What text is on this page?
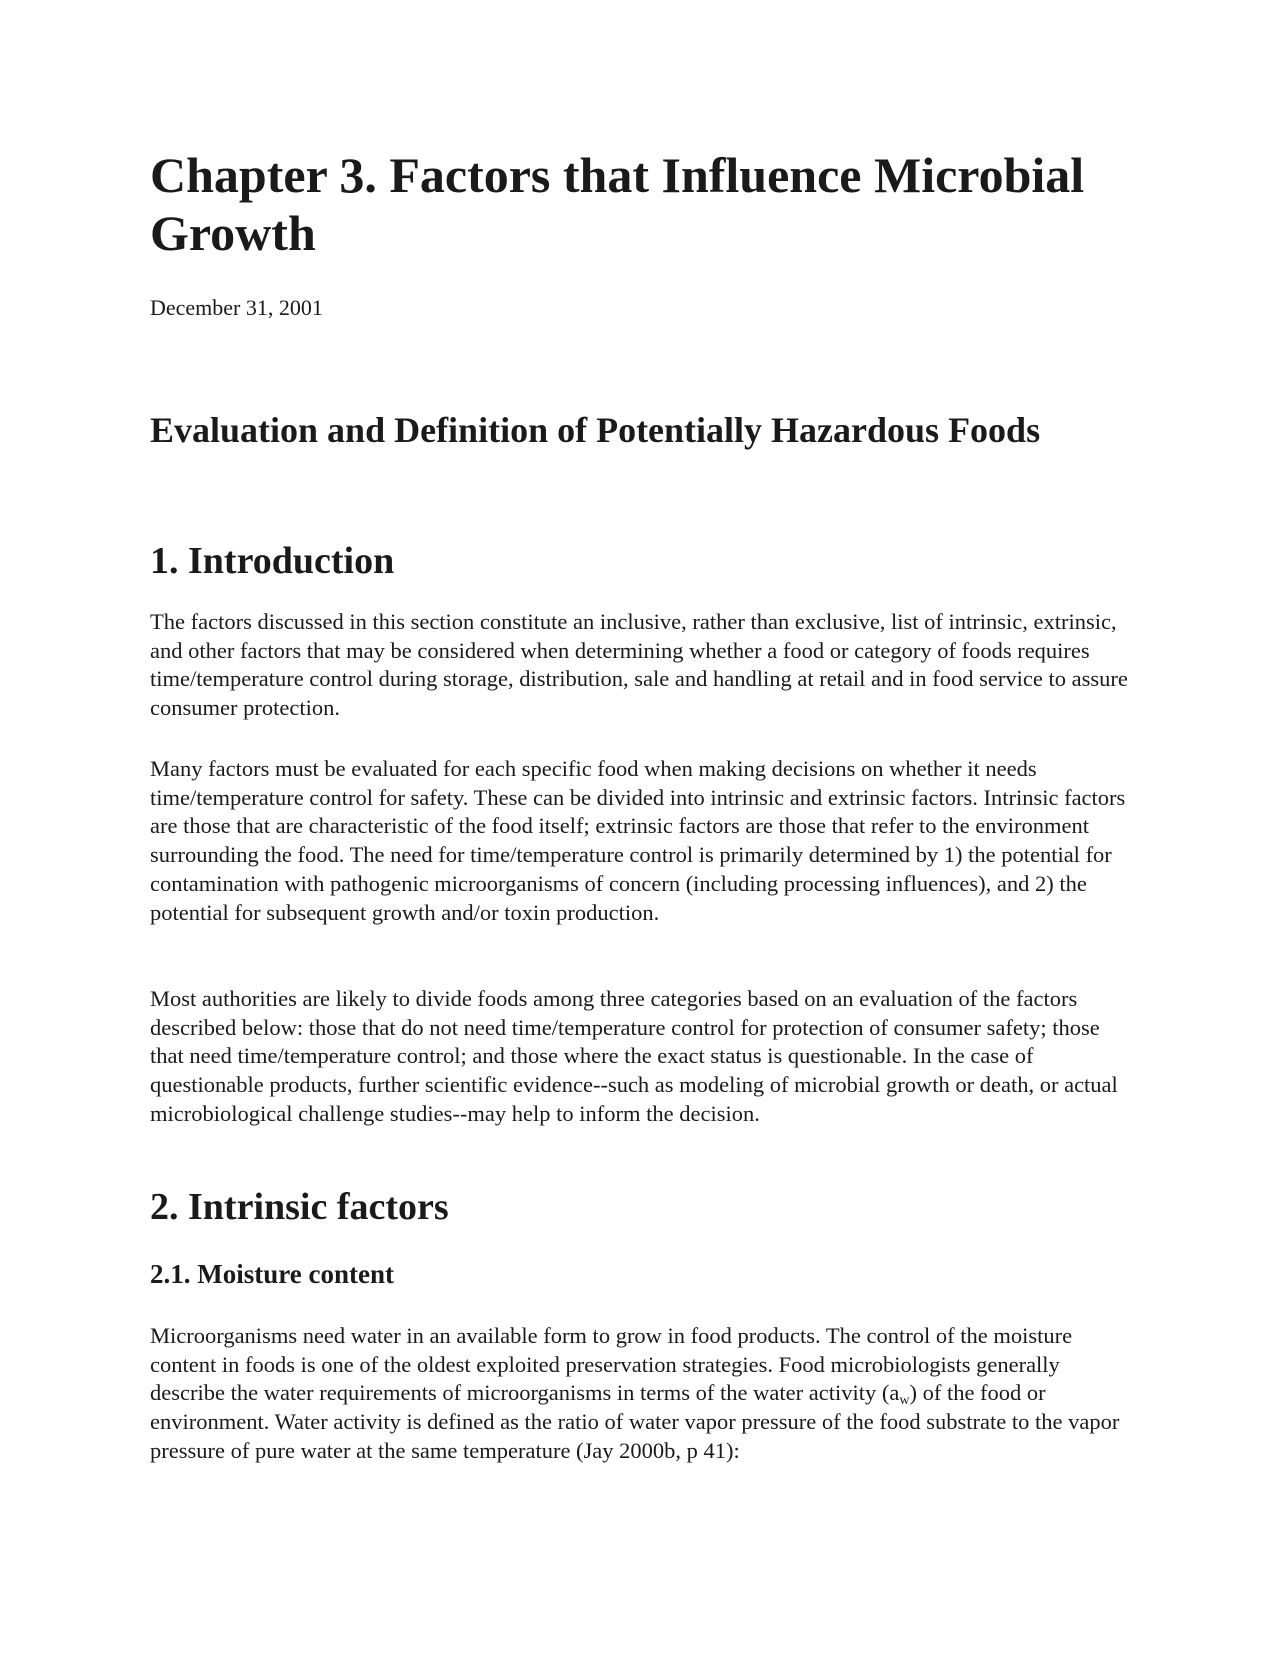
Chapter 3. Factors that Influence Microbial Growth

December 31, 2001

Evaluation and Definition of Potentially Hazardous Foods
1. Introduction

The factors discussed in this section constitute an inclusive, rather than exclusive, list of intrinsic, extrinsic, and other factors that may be considered when determining whether a food or category of foods requires time/temperature control during storage, distribution, sale and handling at retail and in food service to assure consumer protection.

Many factors must be evaluated for each specific food when making decisions on whether it needs time/temperature control for safety. These can be divided into intrinsic and extrinsic factors. Intrinsic factors are those that are characteristic of the food itself; extrinsic factors are those that refer to the environment surrounding the food. The need for time/temperature control is primarily determined by 1) the potential for contamination with pathogenic microorganisms of concern (including processing influences), and 2) the potential for subsequent growth and/or toxin production.

Most authorities are likely to divide foods among three categories based on an evaluation of the factors described below: those that do not need time/temperature control for protection of consumer safety; those that need time/temperature control; and those where the exact status is questionable. In the case of questionable products, further scientific evidence--such as modeling of microbial growth or death, or actual microbiological challenge studies--may help to inform the decision.

2. Intrinsic factors
2.1. Moisture content

Microorganisms need water in an available form to grow in food products. The control of the moisture content in foods is one of the oldest exploited preservation strategies. Food microbiologists generally describe the water requirements of microorganisms in terms of the water activity $(a_w)$ of the food or environment. Water activity is defined as the ratio of water vapor pressure of the food substrate to the vapor pressure of pure water at the same temperature (Jay 2000b, p 41):
